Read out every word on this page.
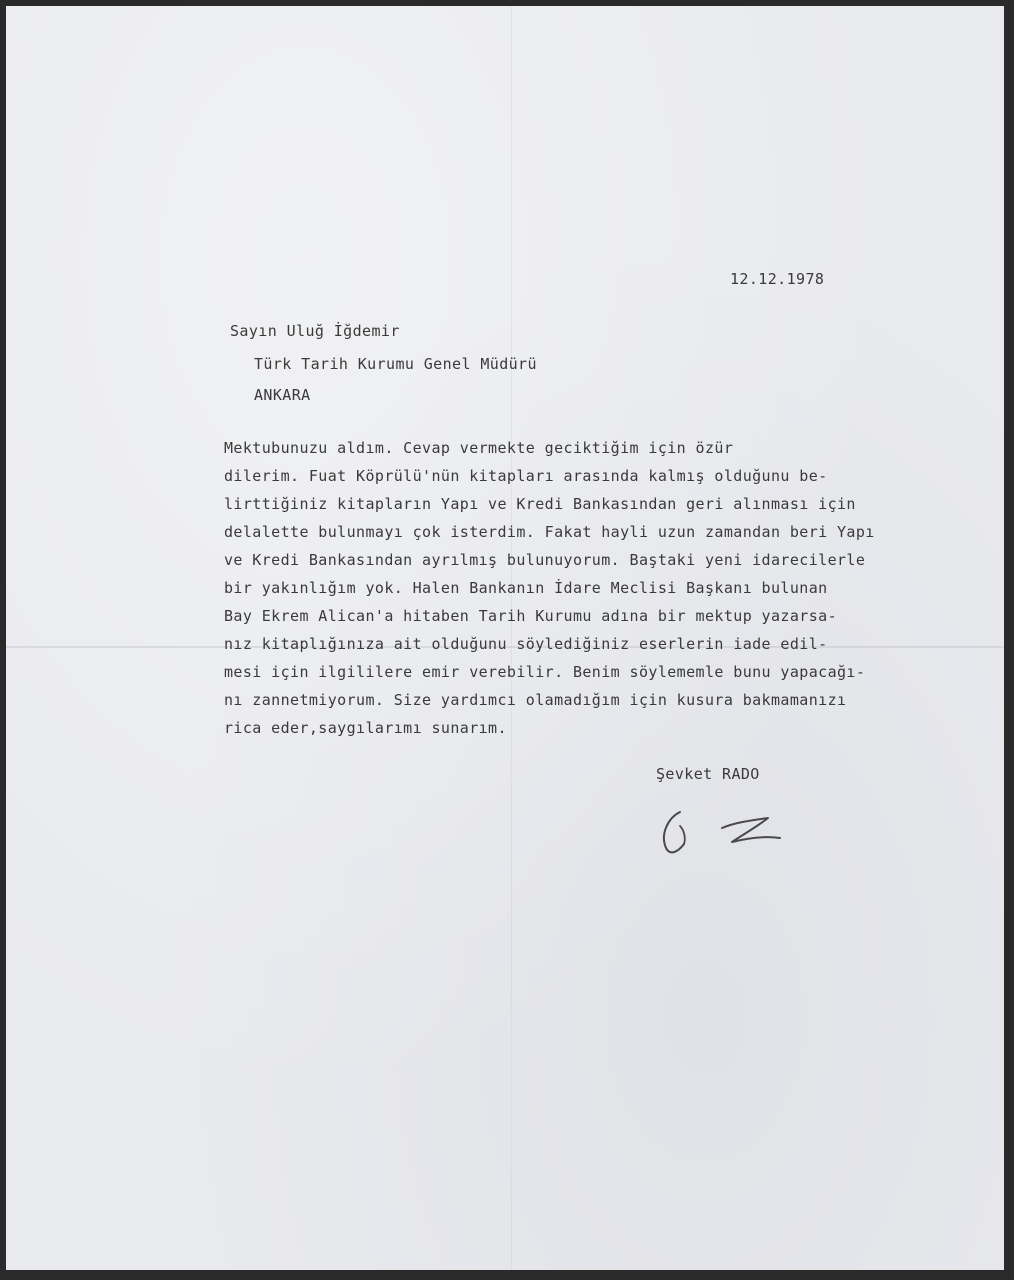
12.12.1978
Sayın Uluğ İğdemir
Türk Tarih Kurumu Genel Müdürü
ANKARA
Mektubunuzu aldım. Cevap vermekte geciktiğim için özür
dilerim. Fuat Köprülü'nün kitapları arasında kalmış olduğunu be-
lirttiğiniz kitapların Yapı ve Kredi Bankasından geri alınması için
delalette bulunmayı çok isterdim. Fakat hayli uzun zamandan beri Yapı
ve Kredi Bankasından ayrılmış bulunuyorum. Baştaki yeni idarecilerle
bir yakınlığım yok. Halen Bankanın İdare Meclisi Başkanı bulunan
Bay Ekrem Alican'a hitaben Tarih Kurumu adına bir mektup yazarsa-
nız kitaplığınıza ait olduğunu söylediğiniz eserlerin iade edil-
mesi için ilgililere emir verebilir. Benim söylememle bunu yapacağı-
nı zannetmiyorum. Size yardımcı olamadığım için kusura bakmamanızı
rica eder,saygılarımı sunarım.
Şevket RADO
